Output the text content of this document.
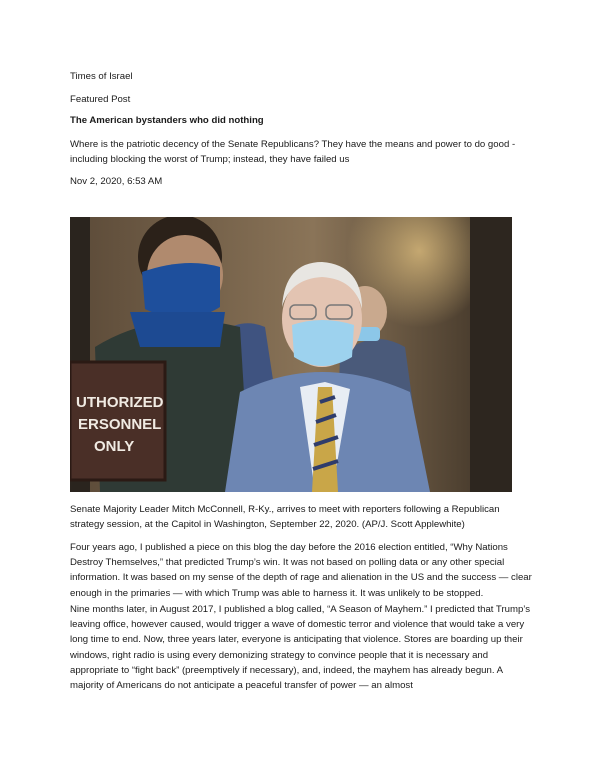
Times of Israel
Featured Post
The American bystanders who did nothing
Where is the patriotic decency of the Senate Republicans? They have the means and power to do good - including blocking the worst of Trump; instead, they have failed us
Nov 2, 2020, 6:53 AM
UTHORIZED
ERSONNEL
ONLY
Senate Majority Leader Mitch McConnell, R-Ky., arrives to meet with reporters following a Republican strategy session, at the Capitol in Washington, September 22, 2020. (AP/J. Scott Applewhite)
Four years ago, I published a piece on this blog the day before the 2016 election entitled, “Why Nations Destroy Themselves,” that predicted Trump’s win. It was not based on polling data or any other special information. It was based on my sense of the depth of rage and alienation in the US and the success — clear enough in the primaries — with which Trump was able to harness it. It was unlikely to be stopped.
Nine months later, in August 2017, I published a blog called, “A Season of Mayhem.” I predicted that Trump’s leaving office, however caused, would trigger a wave of domestic terror and violence that would take a very long time to end. Now, three years later, everyone is anticipating that violence. Stores are boarding up their windows, right radio is using every demonizing strategy to convince people that it is necessary and appropriate to “fight back” (preemptively if necessary), and, indeed, the mayhem has already begun. A majority of Americans do not anticipate a peaceful transfer of power — an almost
